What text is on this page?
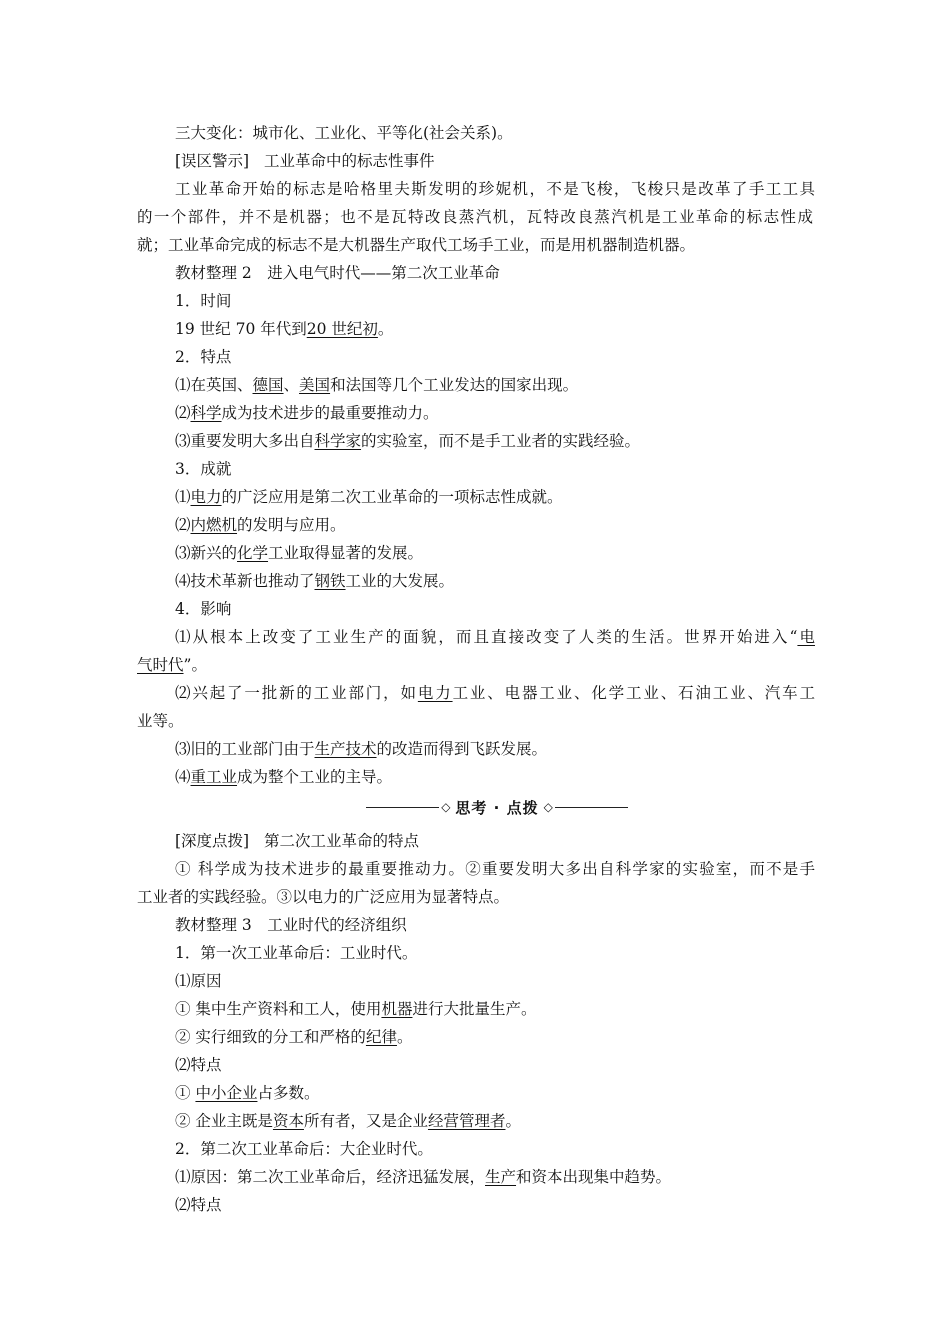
三大变化：城市化、工业化、平等化(社会关系)。
[误区警示] 工业革命中的标志性事件
工业革命开始的标志是哈格里夫斯发明的珍妮机，不是飞梭，飞梭只是改革了手工工具
的一个部件，并不是机器；也不是瓦特改良蒸汽机，瓦特改良蒸汽机是工业革命的标志性成
就；工业革命完成的标志不是大机器生产取代工场手工业，而是用机器制造机器。
教材整理 2　进入电气时代——第二次工业革命
1．时间
19 世纪 70 年代到20 世纪初。
2．特点
⑴在英国、德国、美国和法国等几个工业发达的国家出现。
⑵科学成为技术进步的最重要推动力。
⑶重要发明大多出自科学家的实验室，而不是手工业者的实践经验。
3．成就
⑴电力的广泛应用是第二次工业革命的一项标志性成就。
⑵内燃机的发明与应用。
⑶新兴的化学工业取得显著的发展。
⑷技术革新也推动了钢铁工业的大发展。
4．影响
⑴从根本上改变了工业生产的面貌，而且直接改变了人类的生活。世界开始进入“电
气时代”。
⑵兴起了一批新的工业部门，如电力工业、电器工业、化学工业、石油工业、汽车工
业等。
⑶旧的工业部门由于生产技术的改造而得到飞跃发展。
⑷重工业成为整个工业的主导。
◇ 思考 · 点拨 ◇
[深度点拨] 第二次工业革命的特点
① 科学成为技术进步的最重要推动力。②重要发明大多出自科学家的实验室，而不是手
工业者的实践经验。③以电力的广泛应用为显著特点。
教材整理 3　工业时代的经济组织
1．第一次工业革命后：工业时代。
⑴原因
① 集中生产资料和工人，使用机器进行大批量生产。
② 实行细致的分工和严格的纪律。
⑵特点
① 中小企业占多数。
② 企业主既是资本所有者，又是企业经营管理者。
2．第二次工业革命后：大企业时代。
⑴原因：第二次工业革命后，经济迅猛发展，生产和资本出现集中趋势。
⑵特点
